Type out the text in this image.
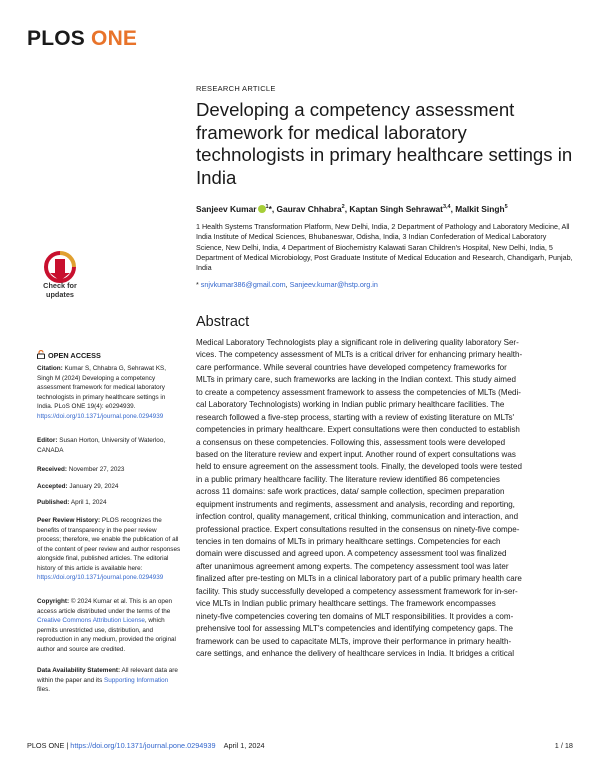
PLOS ONE
RESEARCH ARTICLE
Developing a competency assessment framework for medical laboratory technologists in primary healthcare settings in India
Sanjeev Kumar $^1$*, Gaurav Chhabra$^2$, Kaptan Singh Sehrawat$^{3,4}$, Malkit Singh$^5$
1 Health Systems Transformation Platform, New Delhi, India, 2 Department of Pathology and Laboratory Medicine, All India Institute of Medical Sciences, Bhubaneswar, Odisha, India, 3 Indian Confederation of Medical Laboratory Science, New Delhi, India, 4 Department of Biochemistry Kalawati Saran Children's Hospital, New Delhi, India, 5 Department of Medical Microbiology, Post Graduate Institute of Medical Education and Research, Chandigarh, Punjab, India
* snjvkumar386@gmail.com, Sanjeev.kumar@hstp.org.in
Abstract
Medical Laboratory Technologists play a significant role in delivering quality laboratory Ser-
vices. The competency assessment of MLTs is a critical driver for enhancing primary health-
care performance. While several countries have developed competency frameworks for
MLTs in primary care, such frameworks are lacking in the Indian context. This study aimed
to create a competency assessment framework to assess the competencies of MLTs (Medi-
cal Laboratory Technologists) working in Indian public primary healthcare facilities. The
research followed a five-step process, starting with a review of existing literature on MLTs'
competencies in primary healthcare. Expert consultations were then conducted to establish
a consensus on these competencies. Following this, assessment tools were developed
based on the literature review and expert input. Another round of expert consultations was
held to ensure agreement on the assessment tools. Finally, the developed tools were tested
in a public primary healthcare facility. The literature review identified 86 competencies
across 11 domains: safe work practices, data/ sample collection, specimen preparation
equipment instruments and regiments, assessment and analysis, recording and reporting,
infection control, quality management, critical thinking, communication and interaction, and
professional practice. Expert consultations resulted in the consensus on ninety-five compe-
tencies in ten domains of MLTs in primary healthcare settings. Competencies for each
domain were discussed and agreed upon. A competency assessment tool was finalized
after unanimous agreement among experts. The competency assessment tool was later
finalized after pre-testing on MLTs in a clinical laboratory part of a public primary health care
facility. This study successfully developed a competency assessment framework for in-ser-
vice MLTs in Indian public primary healthcare settings. The framework encompasses
ninety-five competencies covering ten domains of MLT responsibilities. It provides a com-
prehensive tool for assessing MLT's competencies and identifying competency gaps. The
framework can be used to capacitate MLTs, improve their performance in primary health-
care settings, and enhance the delivery of healthcare services in India. It bridges a critical
Check for
updates
OPEN ACCESS
Citation: Kumar S, Chhabra G, Sehrawat KS, Singh M (2024) Developing a competency assessment framework for medical laboratory technologists in primary healthcare settings in India. PLoS ONE 19(4): e0294939. https://doi.org/10.1371/journal.pone.0294939
Editor: Susan Horton, University of Waterloo, CANADA
Received: November 27, 2023
Accepted: January 29, 2024
Published: April 1, 2024
Peer Review History: PLOS recognizes the benefits of transparency in the peer review process; therefore, we enable the publication of all of the content of peer review and author responses alongside final, published articles. The editorial history of this article is available here: https://doi.org/10.1371/journal.pone.0294939
Copyright: © 2024 Kumar et al. This is an open access article distributed under the terms of the Creative Commons Attribution License, which permits unrestricted use, distribution, and reproduction in any medium, provided the original author and source are credited.
Data Availability Statement: All relevant data are within the paper and its Supporting Information files.
PLOS ONE | https://doi.org/10.1371/journal.pone.0294939 April 1, 2024	1 / 18
